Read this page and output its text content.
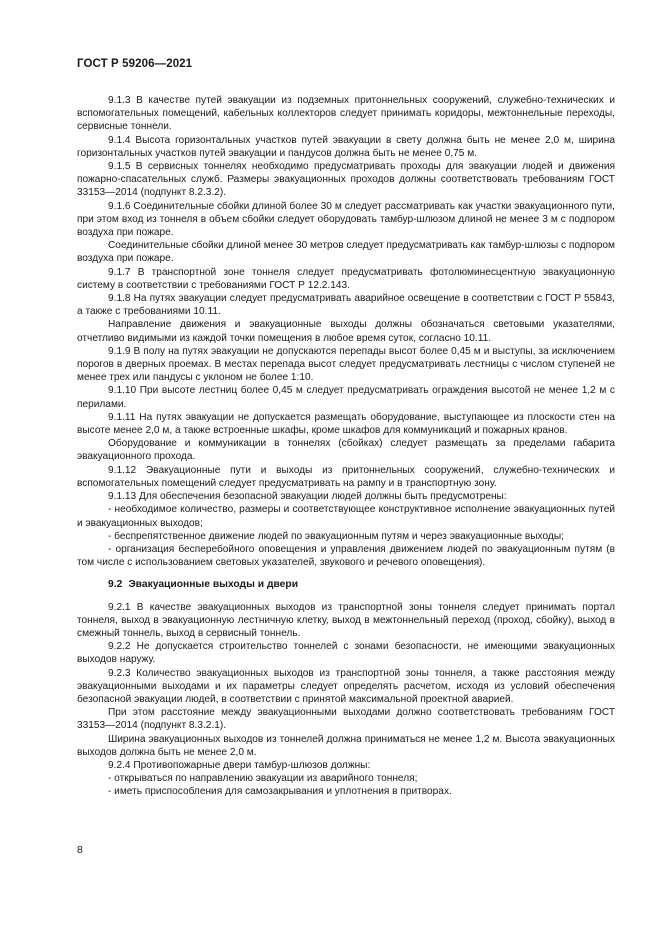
ГОСТ Р 59206—2021

9.1.3 В качестве путей эвакуации из подземных притоннельных сооружений, служебно-технических и вспомогательных помещений, кабельных коллекторов следует принимать коридоры, межтоннельные переходы, сервисные тоннели.

9.1.4 Высота горизонтальных участков путей эвакуации в свету должна быть не менее 2,0 м, ширина горизонтальных участков путей эвакуации и пандусов должна быть не менее 0,75 м.

9.1.5 В сервисных тоннелях необходимо предусматривать проходы для эвакуации людей и движения пожарно-спасательных служб. Размеры эвакуационных проходов должны соответствовать требованиям ГОСТ 33153—2014 (подпункт 8.2.3.2).

9.1.6 Соединительные сбойки длиной более 30 м следует рассматривать как участки эвакуационного пути, при этом вход из тоннеля в объем сбойки следует оборудовать тамбур-шлюзом длиной не менее 3 м с подпором воздуха при пожаре.

Соединительные сбойки длиной менее 30 метров следует предусматривать как тамбур-шлюзы с подпором воздуха при пожаре.

9.1.7 В транспортной зоне тоннеля следует предусматривать фотолюминесцентную эвакуационную систему в соответствии с требованиями ГОСТ Р 12.2.143.

9.1.8 На путях эвакуации следует предусматривать аварийное освещение в соответствии с ГОСТ Р 55843, а также с требованиями 10.11.

Направление движения и эвакуационные выходы должны обозначаться световыми указателями, отчетливо видимыми из каждой точки помещения в любое время суток, согласно 10.11.

9.1.9 В полу на путях эвакуации не допускаются перепады высот более 0,45 м и выступы, за исключением порогов в дверных проемах. В местах перепада высот следует предусматривать лестницы с числом ступеней не менее трех или пандусы с уклоном не более 1:10.

9.1.10 При высоте лестниц более 0,45 м следует предусматривать ограждения высотой не менее 1,2 м с перилами.

9.1.11 На путях эвакуации не допускается размещать оборудование, выступающее из плоскости стен на высоте менее 2,0 м, а также встроенные шкафы, кроме шкафов для коммуникаций и пожарных кранов.

Оборудование и коммуникации в тоннелях (сбойках) следует размещать за пределами габарита эвакуационного прохода.

9.1.12 Эвакуационные пути и выходы из притоннельных сооружений, служебно-технических и вспомогательных помещений следует предусматривать на рампу и в транспортную зону.

9.1.13 Для обеспечения безопасной эвакуации людей должны быть предусмотрены:

- необходимое количество, размеры и соответствующее конструктивное исполнение эвакуационных путей и эвакуационных выходов;

- беспрепятственное движение людей по эвакуационным путям и через эвакуационные выходы;

- организация бесперебойного оповещения и управления движением людей по эвакуационным путям (в том числе с использованием световых указателей, звукового и речевого оповещения).

9.2 Эвакуационные выходы и двери

9.2.1 В качестве эвакуационных выходов из транспортной зоны тоннеля следует принимать портал тоннеля, выход в эвакуационную лестничную клетку, выход в межтоннельный переход (проход, сбойку), выход в смежный тоннель, выход в сервисный тоннель.

9.2.2 Не допускается строительство тоннелей с зонами безопасности, не имеющими эвакуационных выходов наружу.

9.2.3 Количество эвакуационных выходов из транспортной зоны тоннеля, а также расстояния между эвакуационными выходами и их параметры следует определять расчетом, исходя из условий обеспечения безопасной эвакуации людей, в соответствии с принятой максимальной проектной аварией.

При этом расстояние между эвакуационными выходами должно соответствовать требованиям ГОСТ 33153—2014 (подпункт 8.3.2.1).

Ширина эвакуационных выходов из тоннелей должна приниматься не менее 1,2 м. Высота эвакуационных выходов должна быть не менее 2,0 м.

9.2.4 Противопожарные двери тамбур-шлюзов должны:

- открываться по направлению эвакуации из аварийного тоннеля;

- иметь приспособления для самозакрывания и уплотнения в притворах.

8
